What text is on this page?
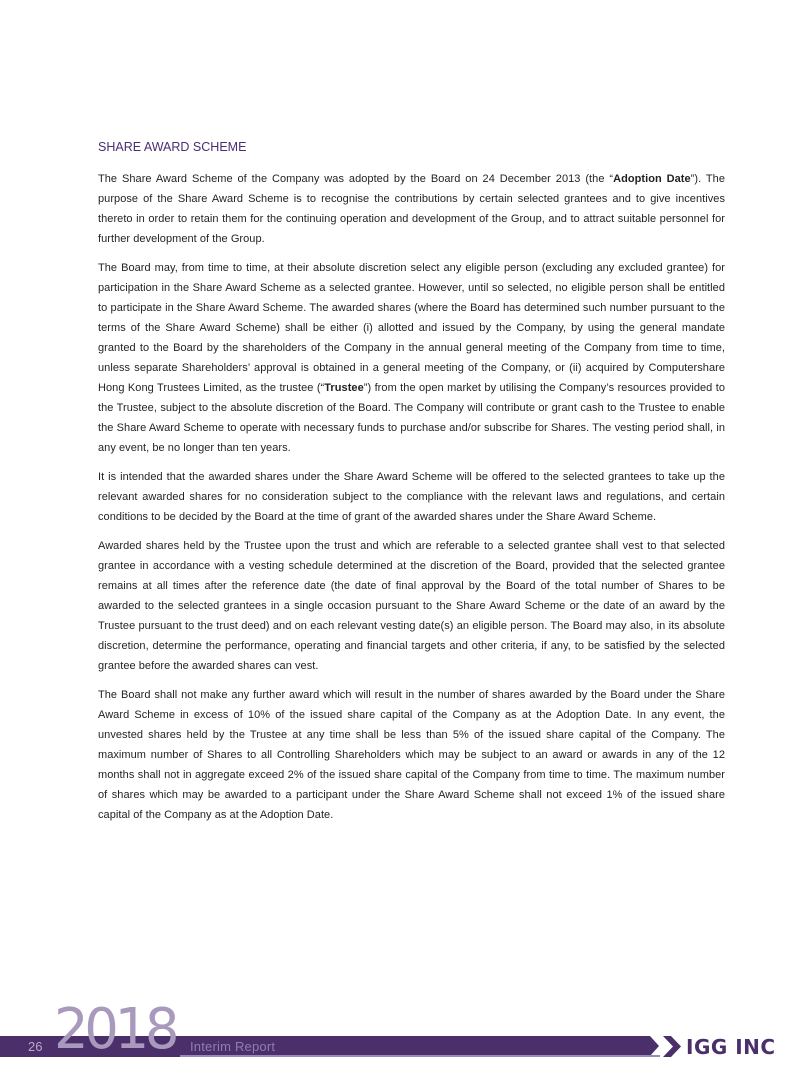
SHARE AWARD SCHEME

The Share Award Scheme of the Company was adopted by the Board on 24 December 2013 (the “Adoption Date”). The purpose of the Share Award Scheme is to recognise the contributions by certain selected grantees and to give incentives thereto in order to retain them for the continuing operation and development of the Group, and to attract suitable personnel for further development of the Group.

The Board may, from time to time, at their absolute discretion select any eligible person (excluding any excluded grantee) for participation in the Share Award Scheme as a selected grantee. However, until so selected, no eligible person shall be entitled to participate in the Share Award Scheme. The awarded shares (where the Board has determined such number pursuant to the terms of the Share Award Scheme) shall be either (i) allotted and issued by the Company, by using the general mandate granted to the Board by the shareholders of the Company in the annual general meeting of the Company from time to time, unless separate Shareholders’ approval is obtained in a general meeting of the Company, or (ii) acquired by Computershare Hong Kong Trustees Limited, as the trustee (“Trustee”) from the open market by utilising the Company’s resources provided to the Trustee, subject to the absolute discretion of the Board. The Company will contribute or grant cash to the Trustee to enable the Share Award Scheme to operate with necessary funds to purchase and/or subscribe for Shares. The vesting period shall, in any event, be no longer than ten years.

It is intended that the awarded shares under the Share Award Scheme will be offered to the selected grantees to take up the relevant awarded shares for no consideration subject to the compliance with the relevant laws and regulations, and certain conditions to be decided by the Board at the time of grant of the awarded shares under the Share Award Scheme.

Awarded shares held by the Trustee upon the trust and which are referable to a selected grantee shall vest to that selected grantee in accordance with a vesting schedule determined at the discretion of the Board, provided that the selected grantee remains at all times after the reference date (the date of final approval by the Board of the total number of Shares to be awarded to the selected grantees in a single occasion pursuant to the Share Award Scheme or the date of an award by the Trustee pursuant to the trust deed) and on each relevant vesting date(s) an eligible person. The Board may also, in its absolute discretion, determine the performance, operating and financial targets and other criteria, if any, to be satisfied by the selected grantee before the awarded shares can vest.

The Board shall not make any further award which will result in the number of shares awarded by the Board under the Share Award Scheme in excess of 10% of the issued share capital of the Company as at the Adoption Date. In any event, the unvested shares held by the Trustee at any time shall be less than 5% of the issued share capital of the Company. The maximum number of Shares to all Controlling Shareholders which may be subject to an award or awards in any of the 12 months shall not in aggregate exceed 2% of the issued share capital of the Company from time to time. The maximum number of shares which may be awarded to a participant under the Share Award Scheme shall not exceed 1% of the issued share capital of the Company as at the Adoption Date.

26 2018 Interim Report	IGG INC
